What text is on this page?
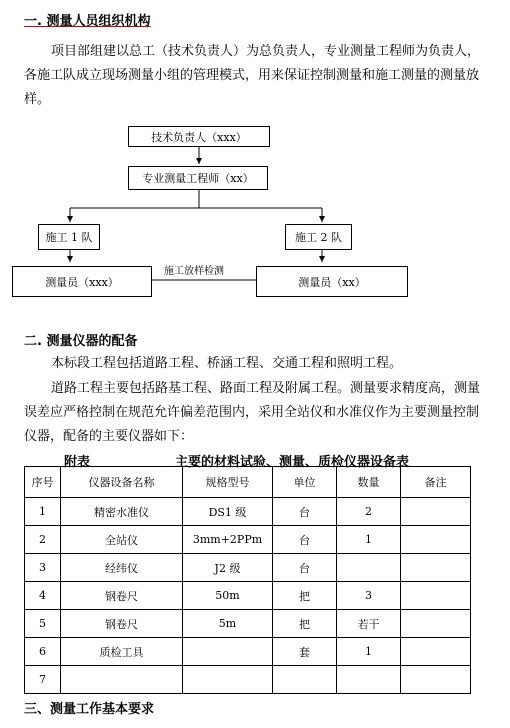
一. 测量人员组织机构
项目部组建以总工（技术负责人）为总负责人，专业测量工程师为负责人，
各施工队成立现场测量小组的管理模式，用来保证控制测量和施工测量的测量放
样。
技术负责人（xxx）
专业测量工程师（xx）
施工 1 队	施工 2 队
测量员（xxx）	测量员（xx）
施工放样检测
二. 测量仪器的配备
本标段工程包括道路工程、桥涵工程、交通工程和照明工程。
道路工程主要包括路基工程、路面工程及附属工程。测量要求精度高，测量
误差应严格控制在规范允许偏差范围内，采用全站仪和水准仪作为主要测量控制
仪器，配备的主要仪器如下：
附表	主要的材料试验、测量、质检仪器设备表
序号	仪器设备名称	规格型号	单位	数量	备注
1	精密水准仪	DS1 级	台	2	
2	全站仪	3mm+2PPm	台	1	
3	经纬仪	J2 级	台		
4	钢卷尺	50m	把	3	
5	钢卷尺	5m	把	若干	
6	质检工具		套	1	
7					
三、测量工作基本要求
